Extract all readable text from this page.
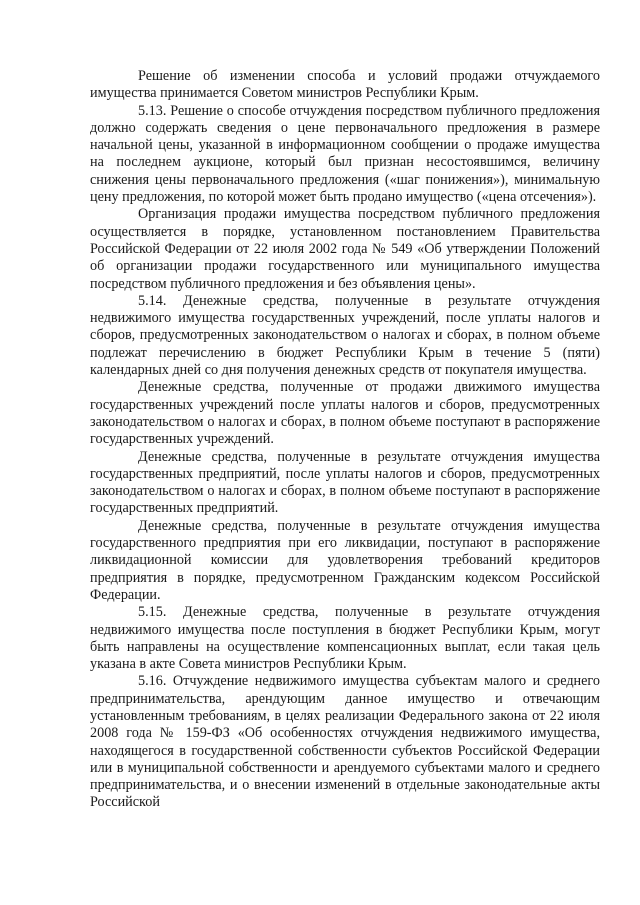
Решение об изменении способа и условий продажи отчуждаемого имущества принимается Советом министров Республики Крым.

5.13. Решение о способе отчуждения посредством публичного предложения должно содержать сведения о цене первоначального предложения в размере начальной цены, указанной в информационном сообщении о продаже имущества на последнем аукционе, который был признан несостоявшимся, величину снижения цены первоначального предложения («шаг понижения»), минимальную цену предложения, по которой может быть продано имущество («цена отсечения»).

Организация продажи имущества посредством публичного предложения осуществляется в порядке, установленном постановлением Правительства Российской Федерации от 22 июля 2002 года № 549 «Об утверждении Положений об организации продажи государственного или муниципального имущества посредством публичного предложения и без объявления цены».

5.14. Денежные средства, полученные в результате отчуждения недвижимого имущества государственных учреждений, после уплаты налогов и сборов, предусмотренных законодательством о налогах и сборах, в полном объеме подлежат перечислению в бюджет Республики Крым в течение 5 (пяти) календарных дней со дня получения денежных средств от покупателя имущества.

Денежные средства, полученные от продажи движимого имущества государственных учреждений после уплаты налогов и сборов, предусмотренных законодательством о налогах и сборах, в полном объеме поступают в распоряжение государственных учреждений.

Денежные средства, полученные в результате отчуждения имущества государственных предприятий, после уплаты налогов и сборов, предусмотренных законодательством о налогах и сборах, в полном объеме поступают в распоряжение государственных предприятий.

Денежные средства, полученные в результате отчуждения имущества государственного предприятия при его ликвидации, поступают в распоряжение ликвидационной комиссии для удовлетворения требований кредиторов предприятия в порядке, предусмотренном Гражданским кодексом Российской Федерации.

5.15. Денежные средства, полученные в результате отчуждения недвижимого имущества после поступления в бюджет Республики Крым, могут быть направлены на осуществление компенсационных выплат, если такая цель указана в акте Совета министров Республики Крым.

5.16. Отчуждение недвижимого имущества субъектам малого и среднего предпринимательства, арендующим данное имущество и отвечающим установленным требованиям, в целях реализации Федерального закона от 22 июля 2008 года № 159-ФЗ «Об особенностях отчуждения недвижимого имущества, находящегося в государственной собственности субъектов Российской Федерации или в муниципальной собственности и арендуемого субъектами малого и среднего предпринимательства, и о внесении изменений в отдельные законодательные акты Российской
